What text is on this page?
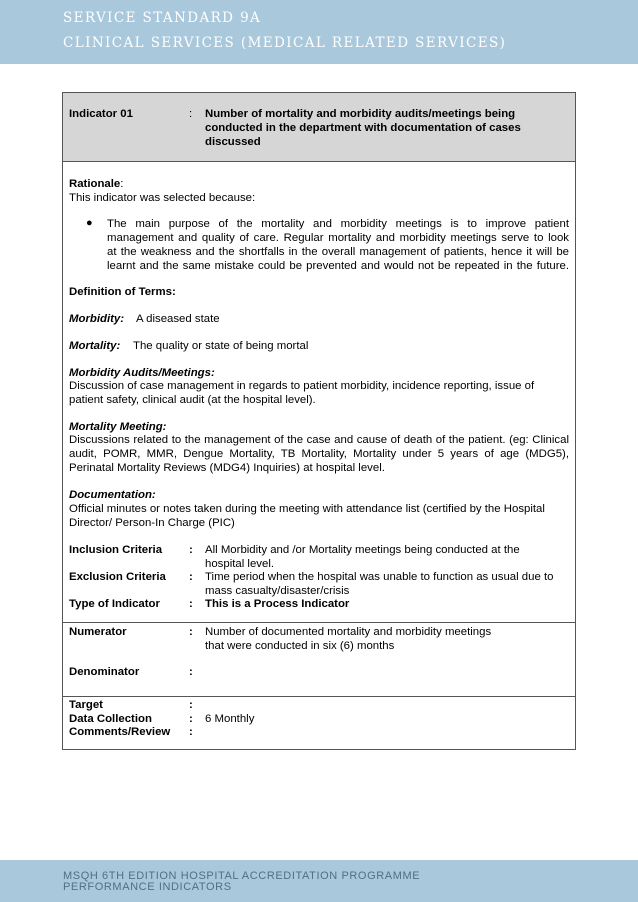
SERVICE STANDARD 9A
CLINICAL SERVICES (MEDICAL RELATED SERVICES)
Indicator 01	: Number of mortality and morbidity audits/meetings being
conducted in the department with documentation of cases
discussed
Rationale:
This indicator was selected because:
● The main purpose of the mortality and morbidity meetings is to improve patient
management and quality of care. Regular mortality and morbidity meetings serve to look
at the weakness and the shortfalls in the overall management of patients, hence it will be
learnt and the same mistake could be prevented and would not be repeated in the future.
Definition of Terms:
Morbidity: A diseased state
Mortality: The quality or state of being mortal
Morbidity Audits/Meetings:
Discussion of case management in regards to patient morbidity, incidence reporting, issue of
patient safety, clinical audit (at the hospital level).
Mortality Meeting:
Discussions related to the management of the case and cause of death of the patient. (eg: Clinical
audit, POMR, MMR, Dengue Mortality, TB Mortality, Mortality under 5 years of age (MDG5),
Perinatal Mortality Reviews (MDG4) Inquiries) at hospital level.
Documentation:
Official minutes or notes taken during the meeting with attendance list (certified by the Hospital
Director/ Person-In Charge (PIC)
Inclusion Criteria : All Morbidity and /or Mortality meetings being conducted at the
hospital level.
Exclusion Criteria : Time period when the hospital was unable to function as usual due to
mass casualty/disaster/crisis
Type of Indicator	: This is a Process Indicator
Numerator	: Number of documented mortality and morbidity meetings
that were conducted in six (6) months
Denominator	:
Target	:
Data Collection	: 6 Monthly
Comments/Review :
MSQH 6TH EDITION HOSPITAL ACCREDITATION PROGRAMME
PERFORMANCE INDICATORS
